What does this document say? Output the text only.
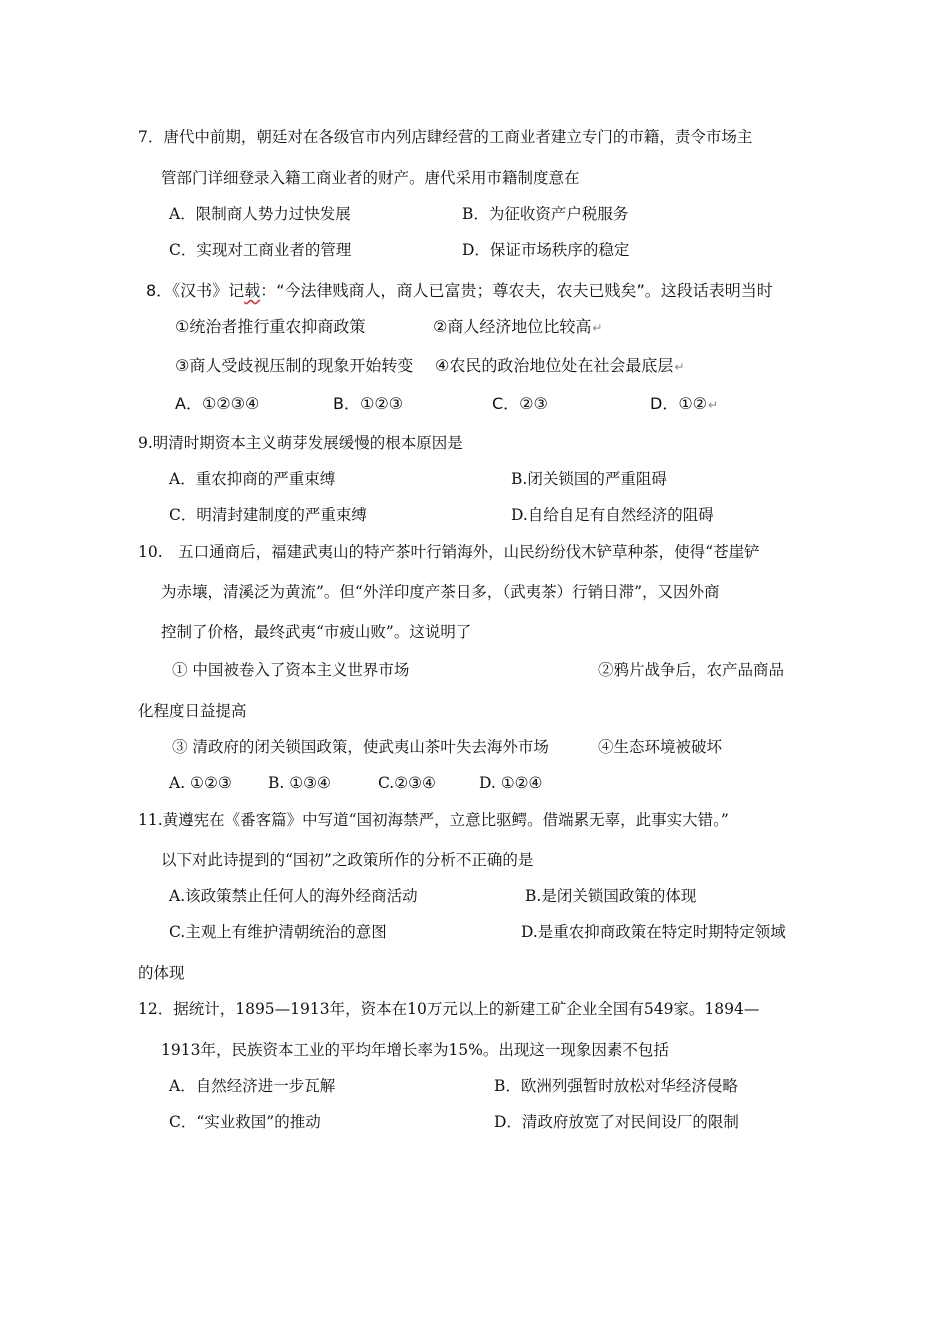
7．唐代中前期，朝廷对在各级官市内列店肆经营的工商业者建立专门的市籍，责令市场主
管部门详细登录入籍工商业者的财产。唐代采用市籍制度意在
A．限制商人势力过快发展	B．为征收资产户税服务
C．实现对工商业者的管理	D．保证市场秩序的稳定
8．《汉书》记载：“今法律贱商人，商人已富贵；尊农夫，农夫已贱矣”。这段话表明当时
①统治者推行重农抑商政策	②商人经济地位比较高↵
③商人受歧视压制的现象开始转变 ④农民的政治地位处在社会最底层↵
A．①②③④	B．①②③	C．②③	D．①②↵
9.明清时期资本主义萌芽发展缓慢的根本原因是
A．重农抑商的严重束缚	B.闭关锁国的严重阻碍
C．明清封建制度的严重束缚	D.自给自足有自然经济的阻碍
10.　五口通商后，福建武夷山的特产茶叶行销海外，山民纷纷伐木铲草种茶，使得“苍崖铲
为赤壤，清溪泛为黄流”。但“外洋印度产茶日多，（武夷茶）行销日滞”，又因外商
控制了价格，最终武夷“市疲山败”。这说明了
① 中国被卷入了资本主义世界市场	②鸦片战争后，农产品商品
化程度日益提高
③ 清政府的闭关锁国政策，使武夷山茶叶失去海外市场	④生态环境被破坏
A. ①②③ B. ①③④	C.②③④	D. ①②④
11.黄遵宪在《番客篇》中写道“国初海禁严，立意比驱鳄。借端累无辜，此事实大错。”
以下对此诗提到的“国初”之政策所作的分析不正确的是
A.该政策禁止任何人的海外经商活动	B.是闭关锁国政策的体现
C.主观上有维护清朝统治的意图	D.是重农抑商政策在特定时期特定领域
的体现
12．据统计，1895—1913年，资本在10万元以上的新建工矿企业全国有549家。1894—
1913年，民族资本工业的平均年增长率为15%。出现这一现象因素不包括
A．自然经济进一步瓦解	B．欧洲列强暂时放松对华经济侵略
C．“实业救国”的推动	D．清政府放宽了对民间设厂的限制
